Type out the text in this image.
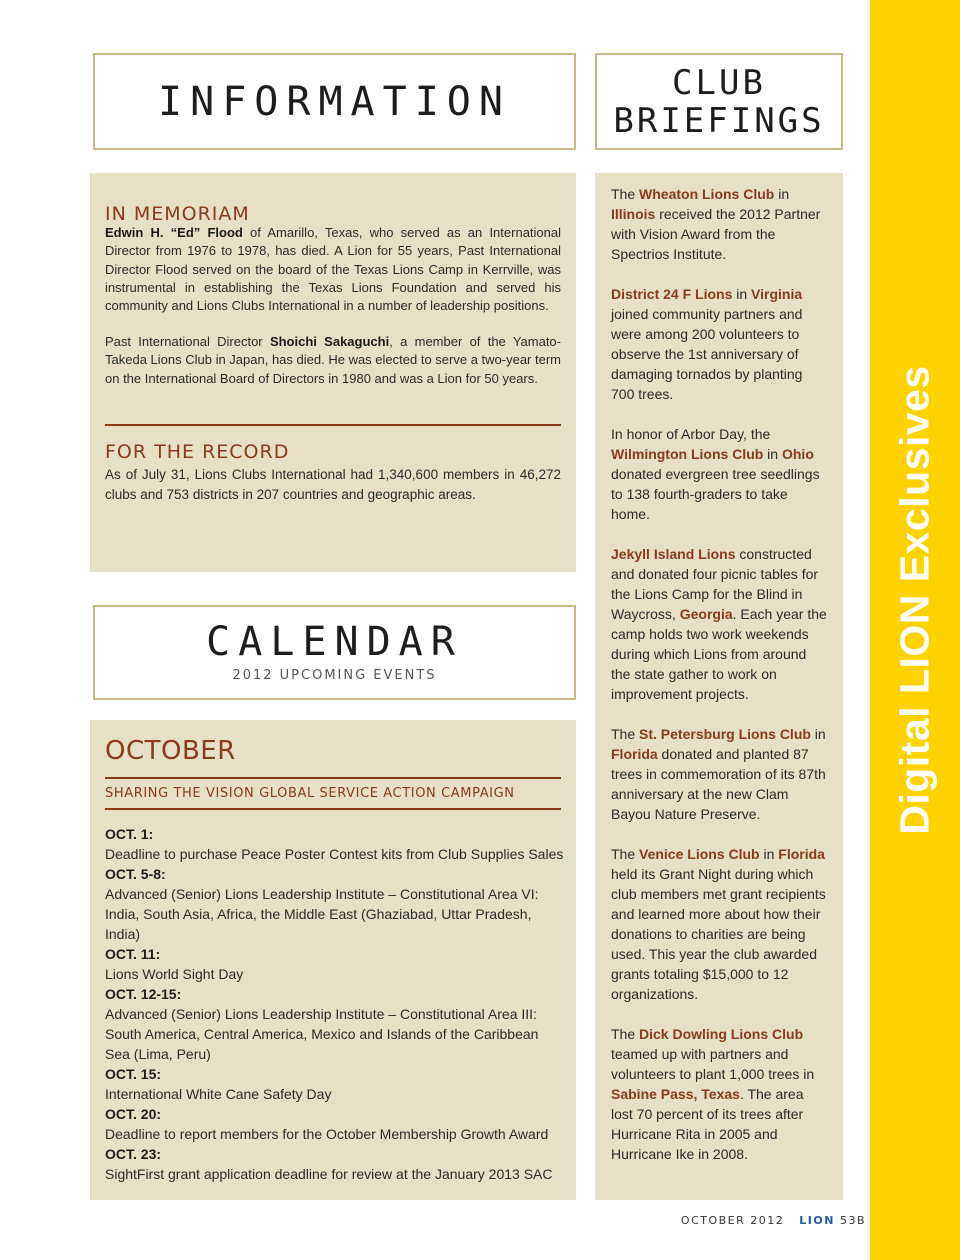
Digital LION Exclusives
INFORMATION	CLUB
BRIEFINGS
IN MEMORIAM

Edwin H. “Ed” Flood of Amarillo, Texas, who served as an International Director from 1976 to 1978, has died. A Lion for 55 years, Past International Director Flood served on the board of the Texas Lions Camp in Kerrville, was instrumental in establishing the Texas Lions Foundation and served his community and Lions Clubs International in a number of leadership positions.

Past International Director Shoichi Sakaguchi, a member of the Yamato-Takeda Lions Club in Japan, has died. He was elected to serve a two-year term on the International Board of Directors in 1980 and was a Lion for 50 years.

FOR THE RECORD

As of July 31, Lions Clubs International had 1,340,600 members in 46,272 clubs and 753 districts in 207 countries and geographic areas.

CALENDAR
2012 UPCOMING EVENTS
OCTOBER
SHARING THE VISION GLOBAL SERVICE ACTION CAMPAIGN
OCT. 1:
Deadline to purchase Peace Poster Contest kits from Club Supplies Sales
OCT. 5-8:
Advanced (Senior) Lions Leadership Institute – Constitutional Area VI: India, South Asia, Africa, the Middle East (Ghaziabad, Uttar Pradesh, India)
OCT. 11:
Lions World Sight Day
OCT. 12-15:
Advanced (Senior) Lions Leadership Institute – Constitutional Area III: South America, Central America, Mexico and Islands of the Caribbean Sea (Lima, Peru)
OCT. 15:
International White Cane Safety Day
OCT. 20:
Deadline to report members for the October Membership Growth Award
OCT. 23:
SightFirst grant application deadline for review at the January 2013 SAC

The Wheaton Lions Club in Illinois received the 2012 Partner with Vision Award from the Spectrios Institute.

District 24 F Lions in Virginia joined community partners and were among 200 volunteers to observe the 1st anniversary of damaging tornados by planting 700 trees.

In honor of Arbor Day, the Wilmington Lions Club in Ohio donated evergreen tree seedlings to 138 fourth-graders to take home.

Jekyll Island Lions constructed and donated four picnic tables for the Lions Camp for the Blind in Waycross, Georgia. Each year the camp holds two work weekends during which Lions from around the state gather to work on improvement projects.

The St. Petersburg Lions Club in Florida donated and planted 87 trees in commemoration of its 87th anniversary at the new Clam Bayou Nature Preserve.

The Venice Lions Club in Florida held its Grant Night during which club members met grant recipients and learned more about how their donations to charities are being used. This year the club awarded grants totaling $15,000 to 12 organizations.

The Dick Dowling Lions Club teamed up with partners and volunteers to plant 1,000 trees in Sabine Pass, Texas. The area lost 70 percent of its trees after Hurricane Rita in 2005 and Hurricane Ike in 2008.

OCTOBER 2012 LION 53B
